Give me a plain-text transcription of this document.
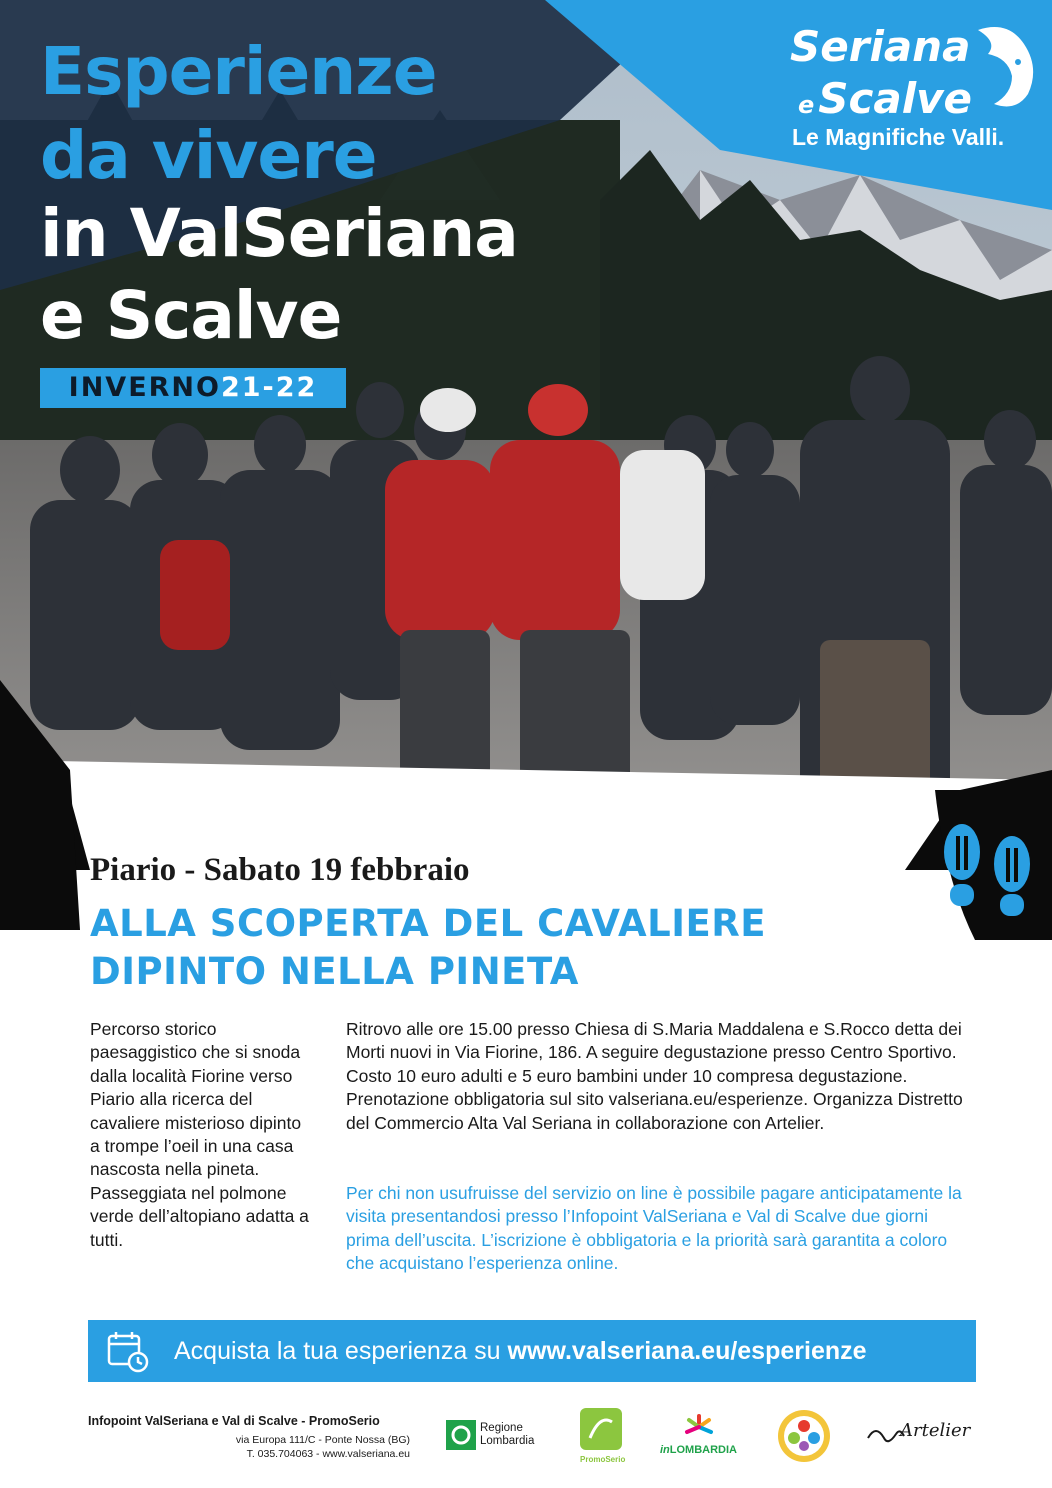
Esperienze
da vivere
in ValSeriana
e Scalve
INVERNO21-22
Seriana
eScalve
Le Magnifiche Valli.
Piario - Sabato 19 febbraio
ALLA SCOPERTA DEL CAVALIERE
DIPINTO NELLA PINETA
Percorso storico paesaggistico che si snoda dalla località Fiorine verso Piario alla ricerca del cavaliere misterioso dipinto a trompe l’oeil in una casa nascosta nella pineta. Passeggiata nel polmone verde dell’altopiano adatta a tutti.
Ritrovo alle ore 15.00 presso Chiesa di S.Maria Maddalena e S.Rocco detta dei Morti nuovi in Via Fiorine, 186. A seguire degustazione presso Centro Sportivo. Costo 10 euro adulti e 5 euro bambini under 10 compresa degustazione. Prenotazione obbligatoria sul sito valseriana.eu/esperienze. Organizza Distretto del Commercio Alta Val Seriana in collaborazione con Artelier.
Per chi non usufruisse del servizio on line è possibile pagare anticipatamente la visita presentandosi presso l’Infopoint ValSeriana e Val di Scalve due giorni prima dell’uscita. L’iscrizione è obbligatoria e la priorità sarà garantita a coloro che acquistano l’esperienza online.
Acquista la tua esperienza su www.valseriana.eu/esperienze
Infopoint ValSeriana e Val di Scalve - PromoSerio
via Europa 111/C - Ponte Nossa (BG)
T. 035.704063 - www.valseriana.eu
Regione
Lombardia
PromoSerio
inLOMBARDIA
Artelier
